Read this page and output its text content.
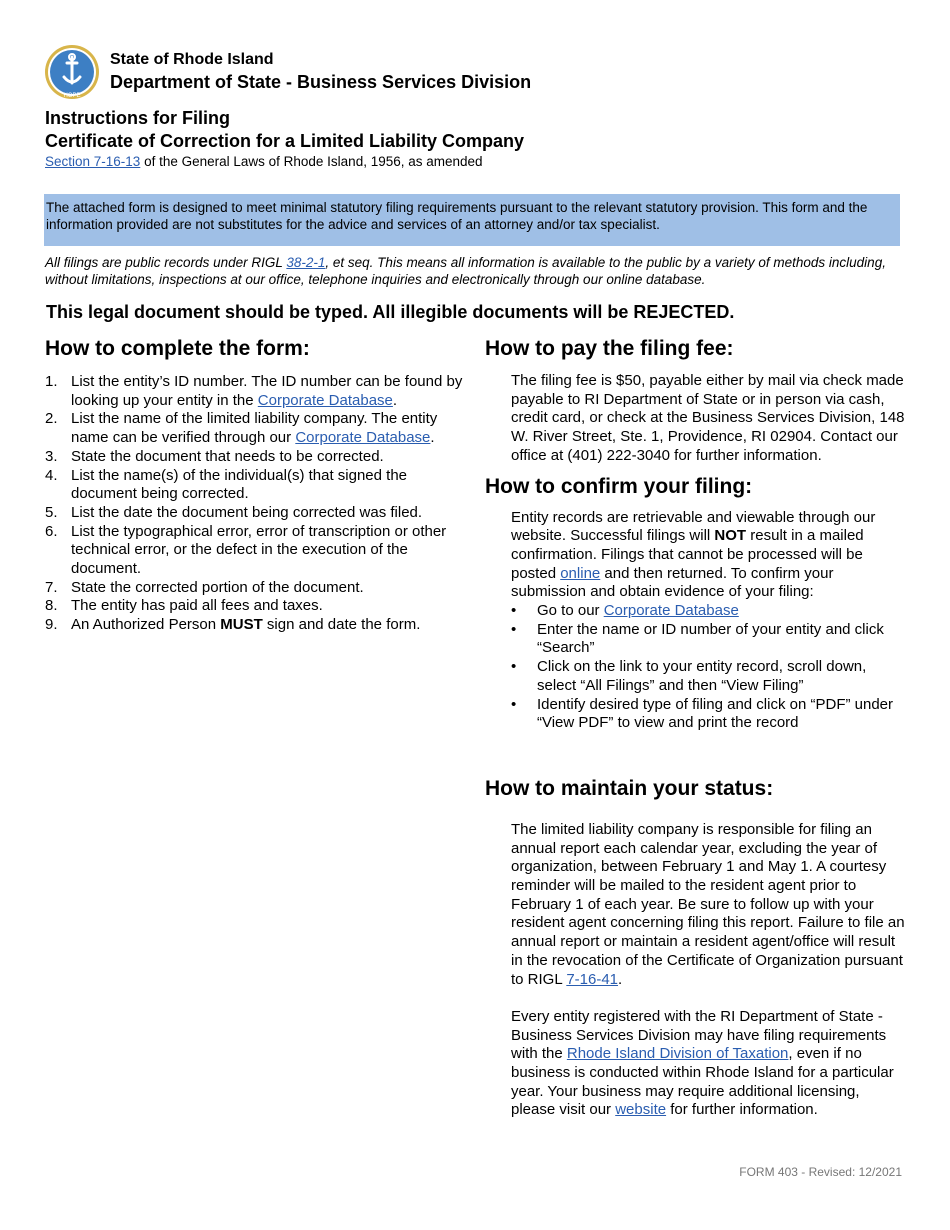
HOPE
State of Rhode Island
Department of State - Business Services Division
Instructions for Filing
Certificate of Correction for a Limited Liability Company
Section 7-16-13 of the General Laws of Rhode Island, 1956, as amended
The attached form is designed to meet minimal statutory filing requirements pursuant to the relevant statutory provision. This form and the information provided are not substitutes for the advice and services of an attorney and/or tax specialist.
All filings are public records under RIGL 38-2-1, et seq. This means all information is available to the public by a variety of methods including, without limitations, inspections at our office, telephone inquiries and electronically through our online database.
This legal document should be typed. All illegible documents will be REJECTED.
How to complete the form:
1. List the entity’s ID number. The ID number can be found by looking up your entity in the Corporate Database.
2. List the name of the limited liability company. The entity name can be verified through our Corporate Database.
3. State the document that needs to be corrected.
4. List the name(s) of the individual(s) that signed the document being corrected.
5. List the date the document being corrected was filed.
6. List the typographical error, error of transcription or other technical error, or the defect in the execution of the document.
7. State the corrected portion of the document.
8. The entity has paid all fees and taxes.
9. An Authorized Person MUST sign and date the form.
How to pay the filing fee:
The filing fee is $50, payable either by mail via check made payable to RI Department of State or in person via cash, credit card, or check at the Business Services Division, 148 W. River Street, Ste. 1, Providence, RI 02904. Contact our office at (401) 222-3040 for further information.
How to confirm your filing:
Entity records are retrievable and viewable through our website. Successful filings will NOT result in a mailed confirmation. Filings that cannot be processed will be posted online and then returned. To confirm your submission and obtain evidence of your filing:
• Go to our Corporate Database
• Enter the name or ID number of your entity and click “Search”
• Click on the link to your entity record, scroll down, select “All Filings” and then “View Filing”
• Identify desired type of filing and click on “PDF” under “View PDF” to view and print the record
How to maintain your status:
The limited liability company is responsible for filing an annual report each calendar year, excluding the year of organization, between February 1 and May 1. A courtesy reminder will be mailed to the resident agent prior to February 1 of each year. Be sure to follow up with your resident agent concerning filing this report. Failure to file an annual report or maintain a resident agent/office will result in the revocation of the Certificate of Organization pursuant to RIGL 7-16-41.
Every entity registered with the RI Department of State - Business Services Division may have filing requirements with the Rhode Island Division of Taxation, even if no business is conducted within Rhode Island for a particular year. Your business may require additional licensing, please visit our website for further information.
FORM 403 - Revised: 12/2021
